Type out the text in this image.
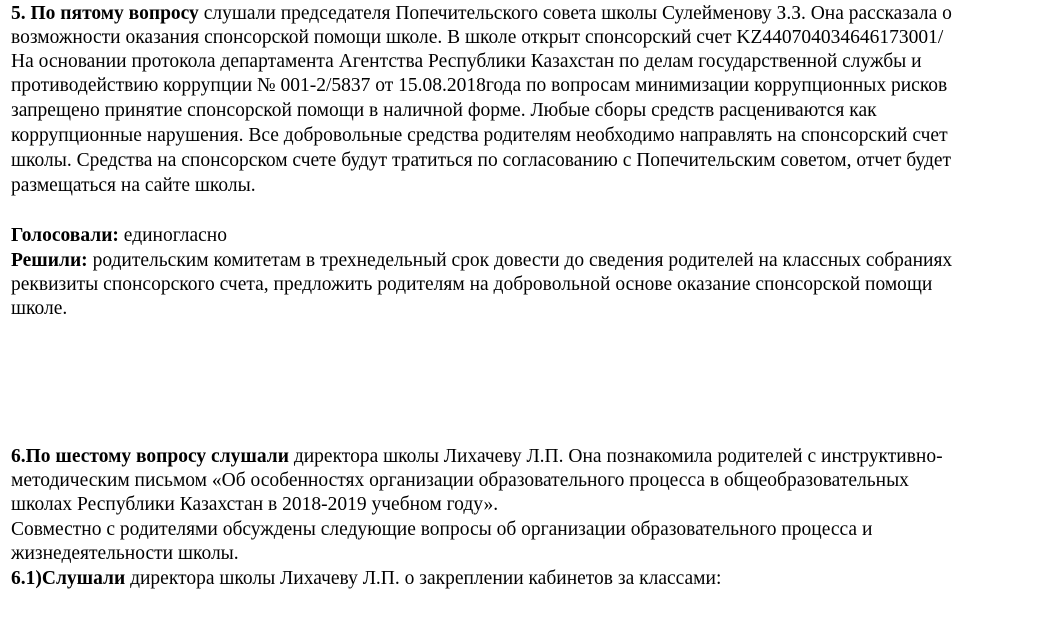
5. По пятому вопросу слушали председателя Попечительского совета школы Сулейменову З.З. Она рассказала о
возможности оказания спонсорской помощи школе. В школе открыт спонсорский счет KZ440704034646173001/
На основании протокола департамента Агентства Республики Казахстан по делам государственной службы и
противодействию коррупции № 001-2/5837 от 15.08.2018года по вопросам минимизации коррупционных рисков
запрещено принятие спонсорской помощи в наличной форме. Любые сборы средств расцениваются как
коррупционные нарушения. Все добровольные средства родителям необходимо направлять на спонсорский счет
школы. Средства на спонсорском счете будут тратиться по согласованию с Попечительским советом, отчет будет
размещаться на сайте школы.
Голосовали: единогласно
Решили: родительским комитетам в трехнедельный срок довести до сведения родителей на классных собраниях
реквизиты спонсорского счета, предложить родителям на добровольной основе оказание спонсорской помощи
школе.
6.По шестому вопросу слушали директора школы Лихачеву Л.П. Она познакомила родителей с инструктивно-
методическим письмом «Об особенностях организации образовательного процесса в общеобразовательных
школах Республики Казахстан в 2018-2019 учебном году».
Совместно с родителями обсуждены следующие вопросы об организации образовательного процесса и
жизнедеятельности школы.
6.1)Слушали директора школы Лихачеву Л.П. о закреплении кабинетов за классами:
